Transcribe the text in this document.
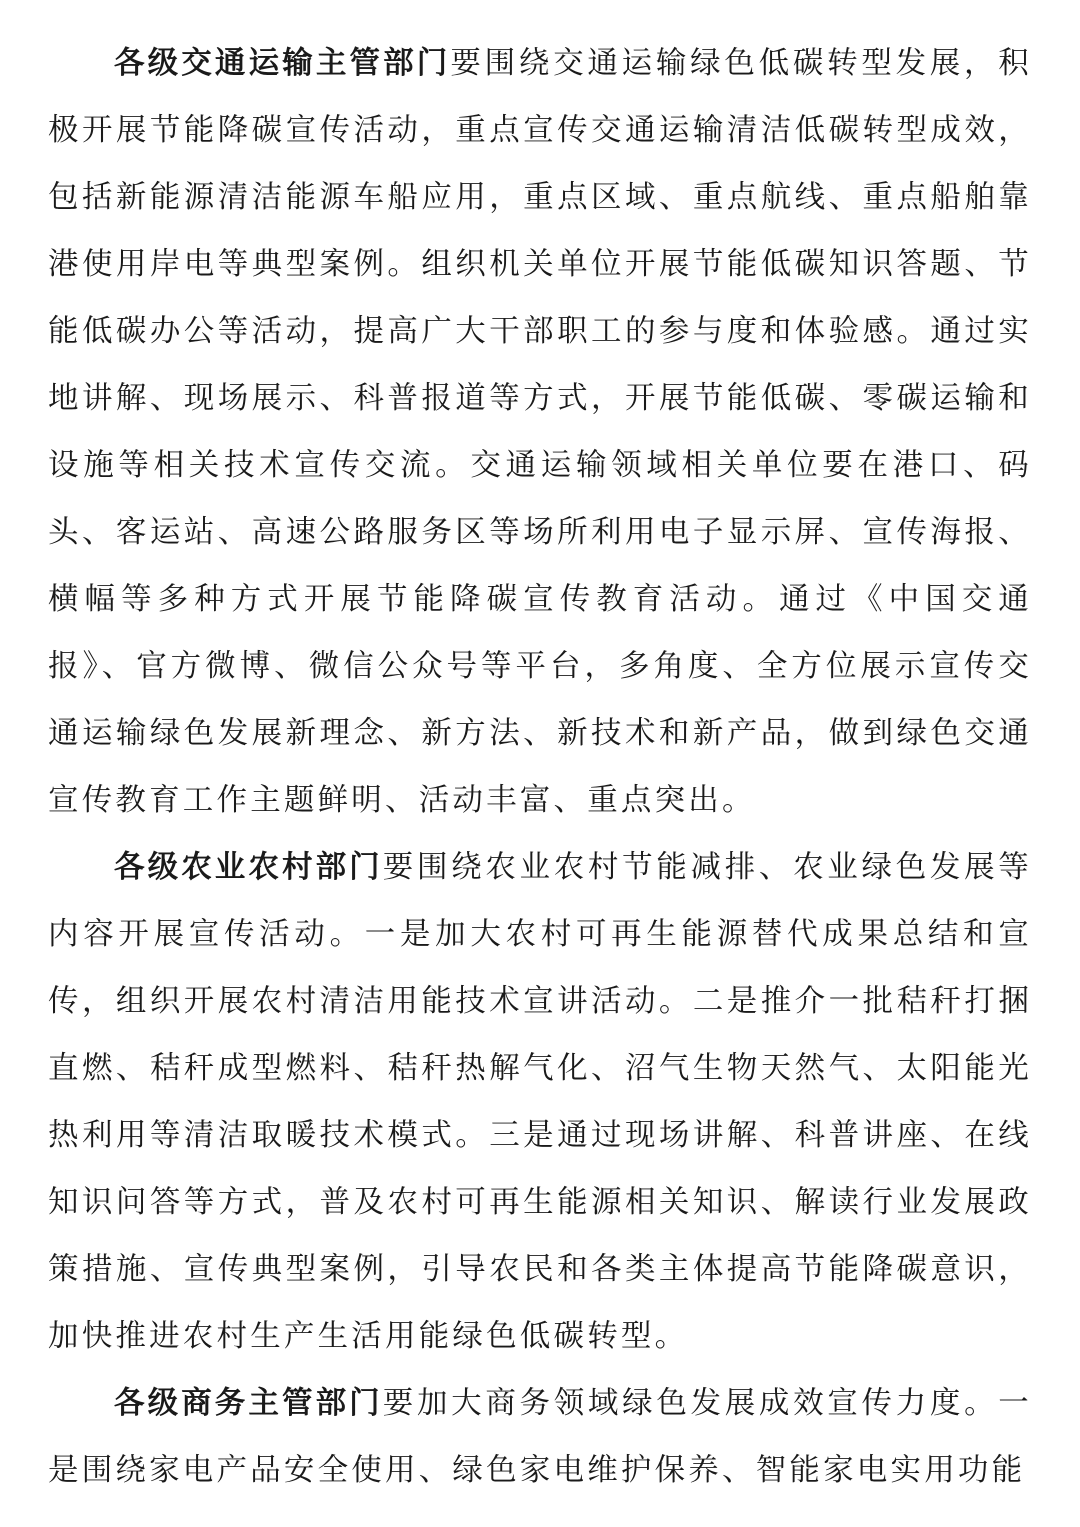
各级交通运输主管部门要围绕交通运输绿色低碳转型发展，积极开展节能降碳宣传活动，重点宣传交通运输清洁低碳转型成效，包括新能源清洁能源车船应用，重点区域、重点航线、重点船舶靠港使用岸电等典型案例。组织机关单位开展节能低碳知识答题、节能低碳办公等活动，提高广大干部职工的参与度和体验感。通过实地讲解、现场展示、科普报道等方式，开展节能低碳、零碳运输和设施等相关技术宣传交流。交通运输领域相关单位要在港口、码头、客运站、高速公路服务区等场所利用电子显示屏、宣传海报、横幅等多种方式开展节能降碳宣传教育活动。通过《中国交通报》、官方微博、微信公众号等平台，多角度、全方位展示宣传交通运输绿色发展新理念、新方法、新技术和新产品，做到绿色交通宣传教育工作主题鲜明、活动丰富、重点突出。

各级农业农村部门要围绕农业农村节能减排、农业绿色发展等内容开展宣传活动。一是加大农村可再生能源替代成果总结和宣传，组织开展农村清洁用能技术宣讲活动。二是推介一批秸秆打捆直燃、秸秆成型燃料、秸秆热解气化、沼气生物天然气、太阳能光热利用等清洁取暖技术模式。三是通过现场讲解、科普讲座、在线知识问答等方式，普及农村可再生能源相关知识、解读行业发展政策措施、宣传典型案例，引导农民和各类主体提高节能降碳意识，加快推进农村生产生活用能绿色低碳转型。

各级商务主管部门要加大商务领域绿色发展成效宣传力度。一是围绕家电产品安全使用、绿色家电维护保养、智能家电实用功能
